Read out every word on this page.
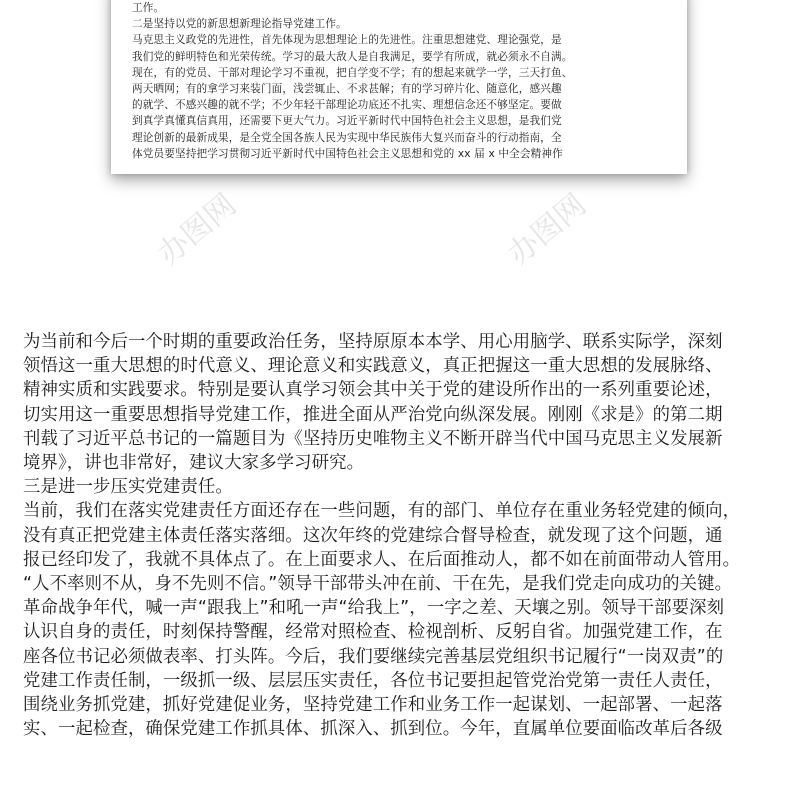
工作。
二是坚持以党的新思想新理论指导党建工作。
马克思主义政党的先进性，首先体现为思想理论上的先进性。注重思想建党、理论强党，是
我们党的鲜明特色和光荣传统。学习的最大敌人是自我满足，要学有所成，就必须永不自满。
现在，有的党员、干部对理论学习不重视，把自学变不学；有的想起来就学一学，三天打鱼、
两天晒网；有的拿学习来装门面，浅尝辄止、不求甚解；有的学习碎片化、随意化，感兴趣
的就学、不感兴趣的就不学；不少年轻干部理论功底还不扎实、理想信念还不够坚定。要做
到真学真懂真信真用，还需要下更大气力。习近平新时代中国特色社会主义思想，是我们党
理论创新的最新成果，是全党全国各族人民为实现中华民族伟大复兴而奋斗的行动指南，全
体党员要坚持把学习贯彻习近平新时代中国特色社会主义思想和党的 xx 届 x 中全会精神作
办图网	办图网
为当前和今后一个时期的重要政治任务，坚持原原本本学、用心用脑学、联系实际学，深刻
领悟这一重大思想的时代意义、理论意义和实践意义，真正把握这一重大思想的发展脉络、
精神实质和实践要求。特别是要认真学习领会其中关于党的建设所作出的一系列重要论述，
切实用这一重要思想指导党建工作，推进全面从严治党向纵深发展。刚刚《求是》的第二期
刊载了习近平总书记的一篇题目为《坚持历史唯物主义不断开辟当代中国马克思主义发展新
境界》，讲也非常好，建议大家多学习研究。
三是进一步压实党建责任。
当前，我们在落实党建责任方面还存在一些问题，有的部门、单位存在重业务轻党建的倾向，
没有真正把党建主体责任落实落细。这次年终的党建综合督导检查，就发现了这个问题，通
报已经印发了，我就不具体点了。在上面要求人、在后面推动人，都不如在前面带动人管用。
“人不率则不从，身不先则不信。”领导干部带头冲在前、干在先，是我们党走向成功的关键。
革命战争年代，喊一声“跟我上”和吼一声“给我上”，一字之差、天壤之别。领导干部要深刻
认识自身的责任，时刻保持警醒，经常对照检查、检视剖析、反躬自省。加强党建工作，在
座各位书记必须做表率、打头阵。今后，我们要继续完善基层党组织书记履行“一岗双责”的
党建工作责任制，一级抓一级、层层压实责任，各位书记要担起管党治党第一责任人责任，
围绕业务抓党建，抓好党建促业务，坚持党建工作和业务工作一起谋划、一起部署、一起落
实、一起检查，确保党建工作抓具体、抓深入、抓到位。今年，直属单位要面临改革后各级
